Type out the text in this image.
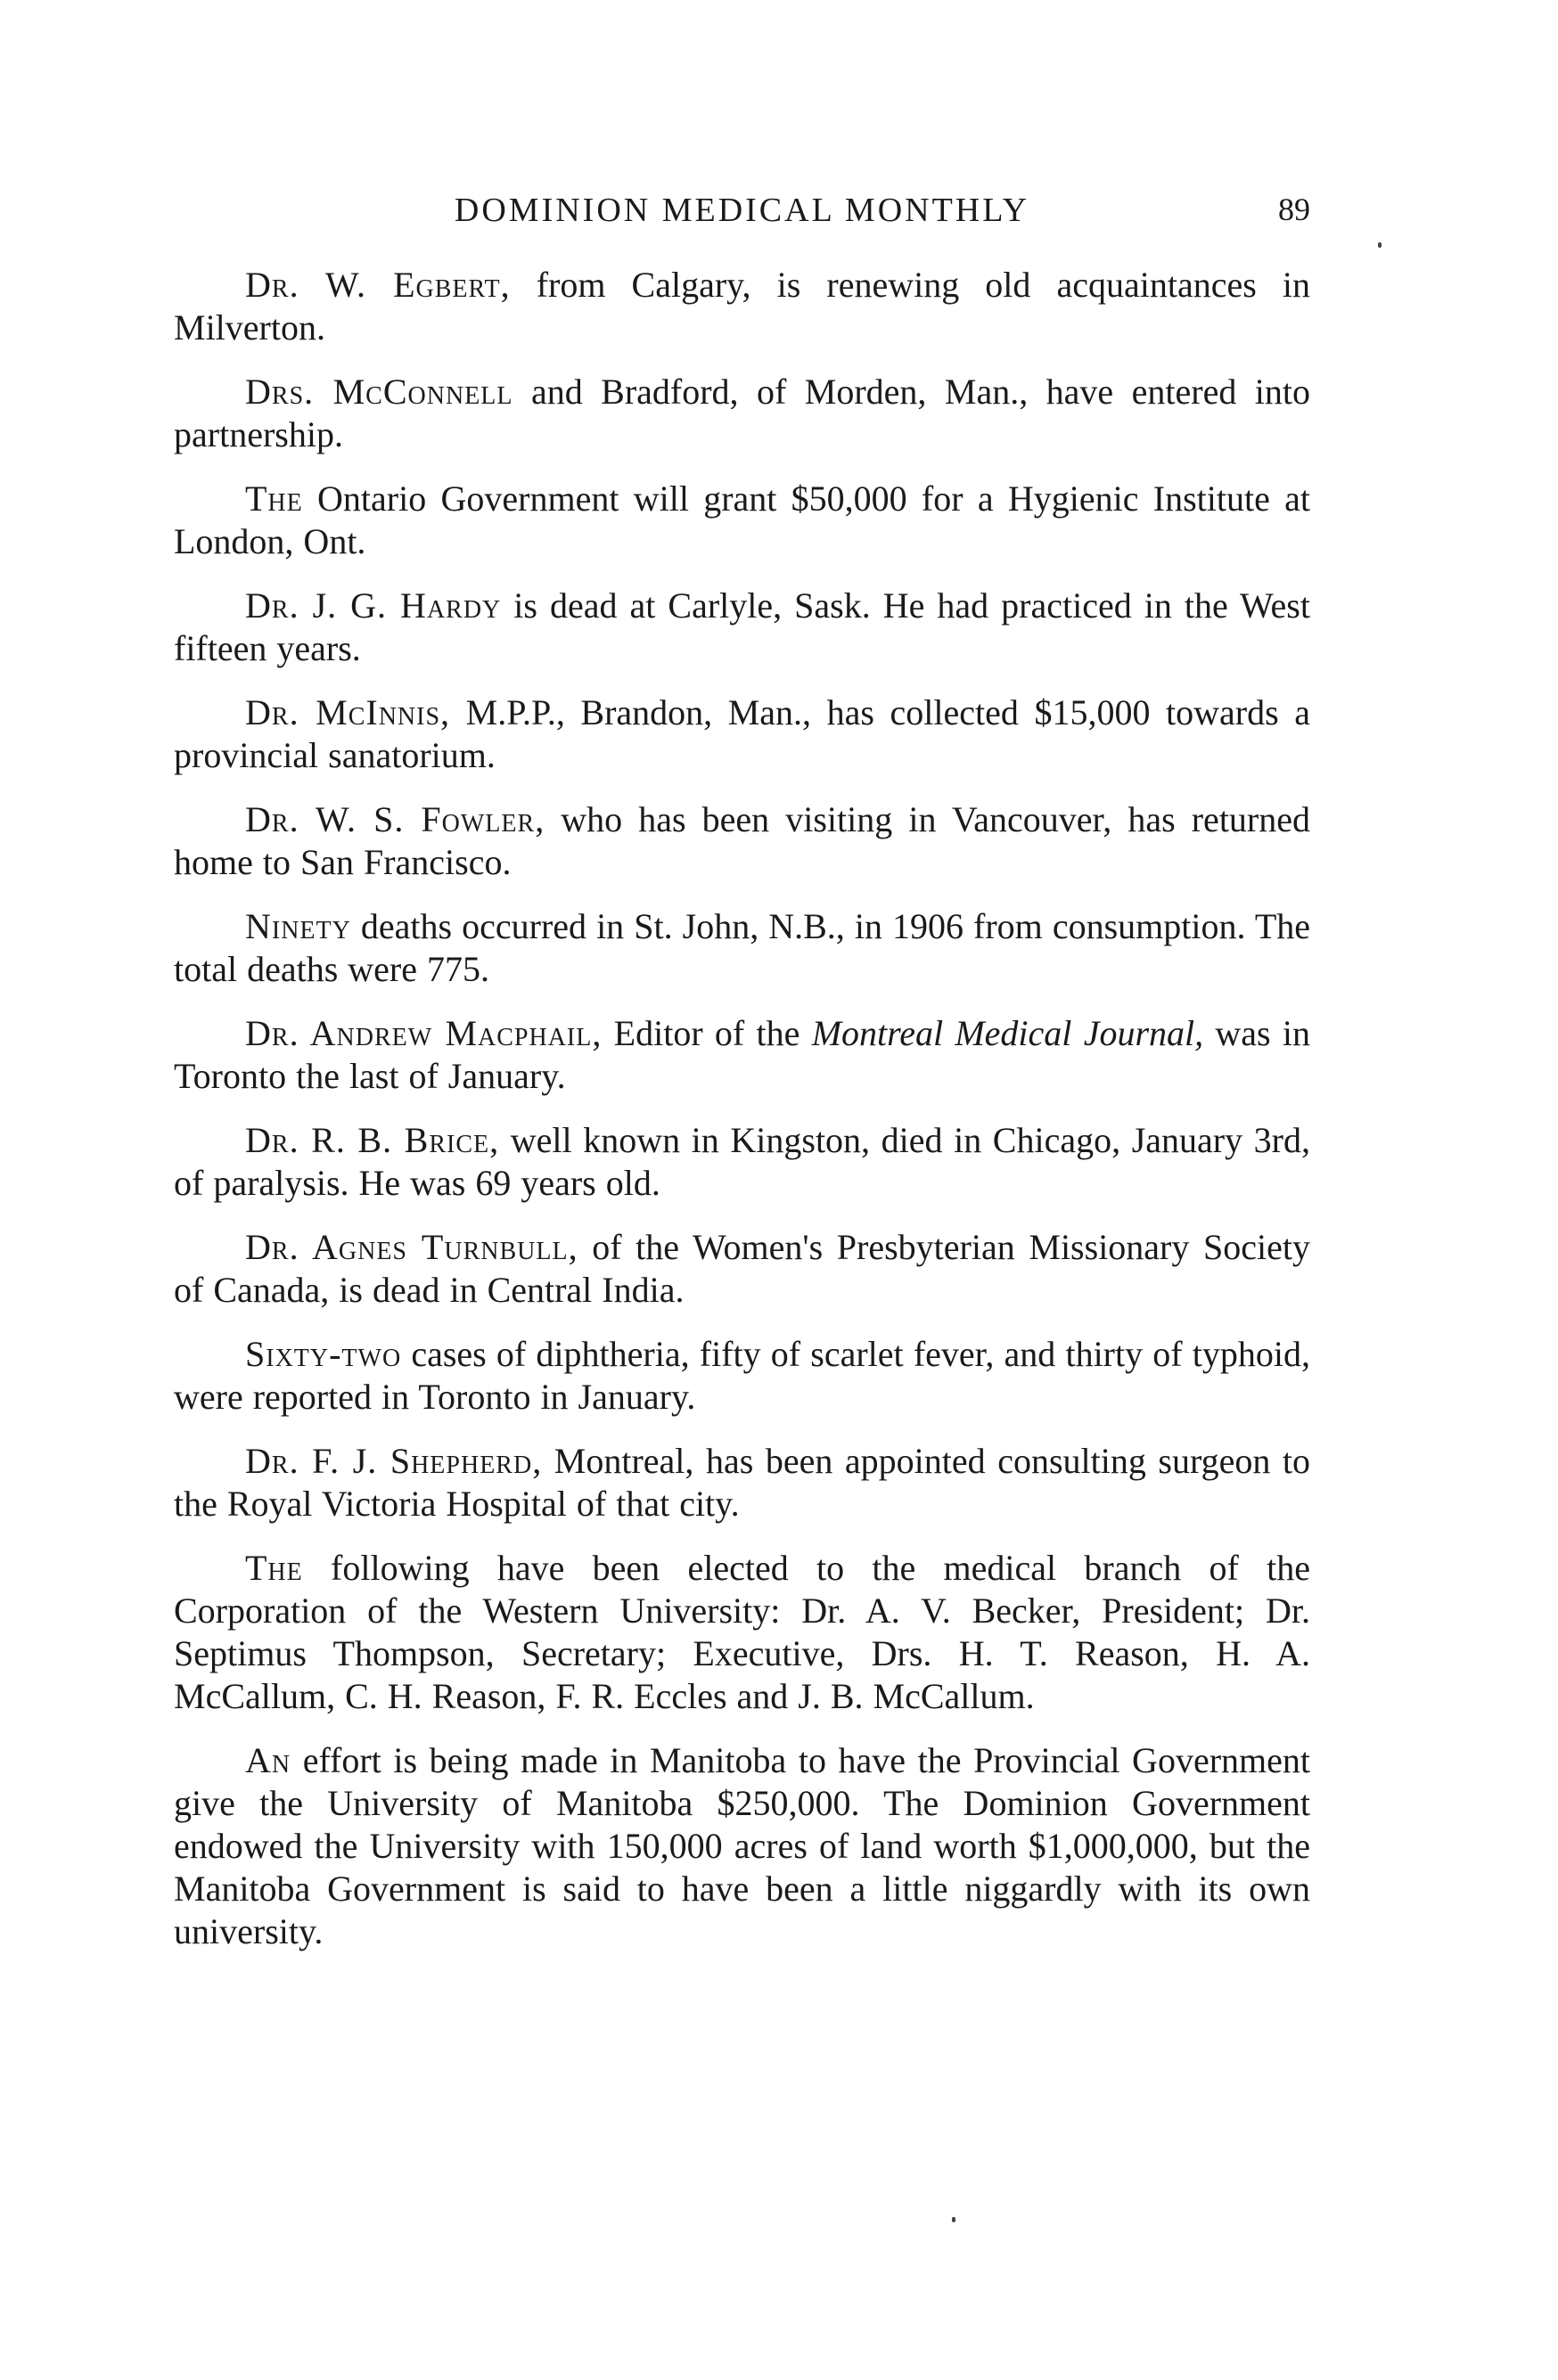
DOMINION MEDICAL MONTHLY	89

Dr. W. Egbert, from Calgary, is renewing old acquaintances in Milverton.

Drs. McConnell and Bradford, of Morden, Man., have entered into partnership.

The Ontario Government will grant $50,000 for a Hygienic Institute at London, Ont.

Dr. J. G. Hardy is dead at Carlyle, Sask. He had practiced in the West fifteen years.

Dr. McInnis, M.P.P., Brandon, Man., has collected $15,000 towards a provincial sanatorium.

Dr. W. S. Fowler, who has been visiting in Vancouver, has returned home to San Francisco.

Ninety deaths occurred in St. John, N.B., in 1906 from consumption. The total deaths were 775.

Dr. Andrew Macphail, Editor of the Montreal Medical Journal, was in Toronto the last of January.

Dr. R. B. Brice, well known in Kingston, died in Chicago, January 3rd, of paralysis. He was 69 years old.

Dr. Agnes Turnbull, of the Women's Presbyterian Missionary Society of Canada, is dead in Central India.

Sixty-two cases of diphtheria, fifty of scarlet fever, and thirty of typhoid, were reported in Toronto in January.

Dr. F. J. Shepherd, Montreal, has been appointed consulting surgeon to the Royal Victoria Hospital of that city.

The following have been elected to the medical branch of the Corporation of the Western University: Dr. A. V. Becker, President; Dr. Septimus Thompson, Secretary; Executive, Drs. H. T. Reason, H. A. McCallum, C. H. Reason, F. R. Eccles and J. B. McCallum.

An effort is being made in Manitoba to have the Provincial Government give the University of Manitoba $250,000. The Dominion Government endowed the University with 150,000 acres of land worth $1,000,000, but the Manitoba Government is said to have been a little niggardly with its own university.
